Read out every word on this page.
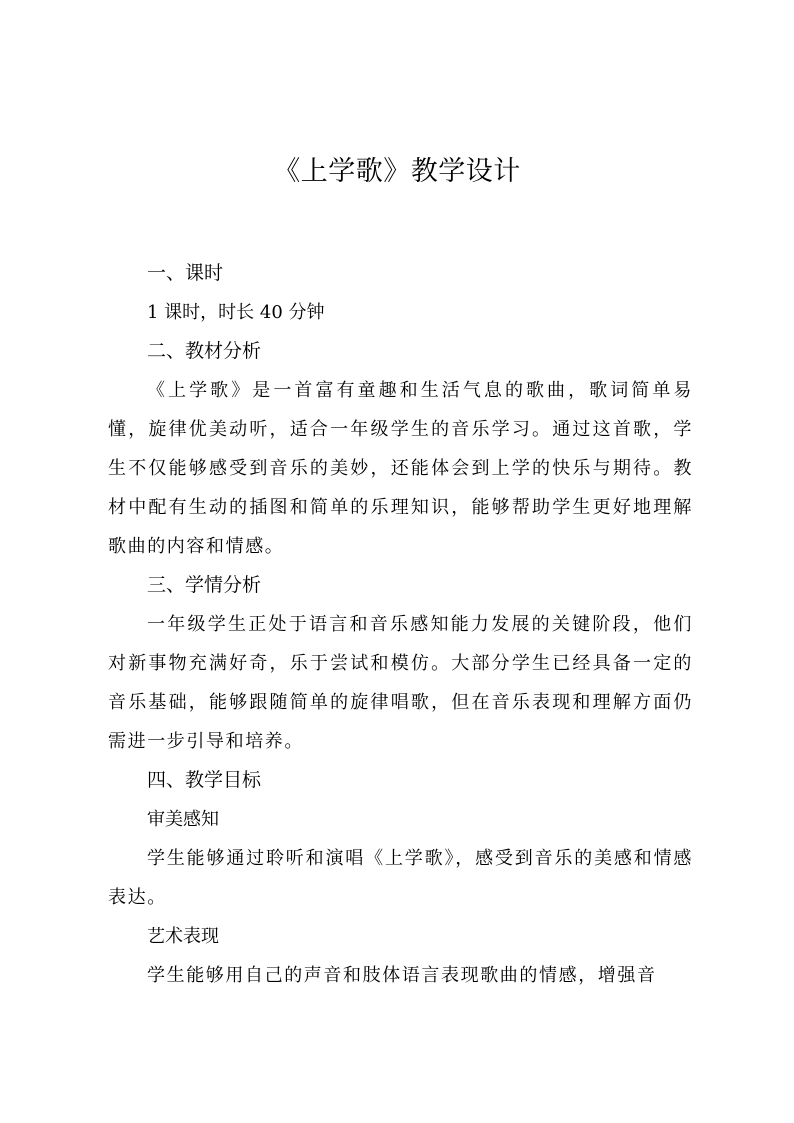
《上学歌》教学设计

一、课时

1 课时，时长 40 分钟

二、教材分析

《上学歌》是一首富有童趣和生活气息的歌曲，歌词简单易懂，旋律优美动听，适合一年级学生的音乐学习。通过这首歌，学生不仅能够感受到音乐的美妙，还能体会到上学的快乐与期待。教材中配有生动的插图和简单的乐理知识，能够帮助学生更好地理解歌曲的内容和情感。

三、学情分析

一年级学生正处于语言和音乐感知能力发展的关键阶段，他们对新事物充满好奇，乐于尝试和模仿。大部分学生已经具备一定的音乐基础，能够跟随简单的旋律唱歌，但在音乐表现和理解方面仍需进一步引导和培养。

四、教学目标

审美感知

学生能够通过聆听和演唱《上学歌》，感受到音乐的美感和情感表达。

艺术表现

学生能够用自己的声音和肢体语言表现歌曲的情感，增强音
